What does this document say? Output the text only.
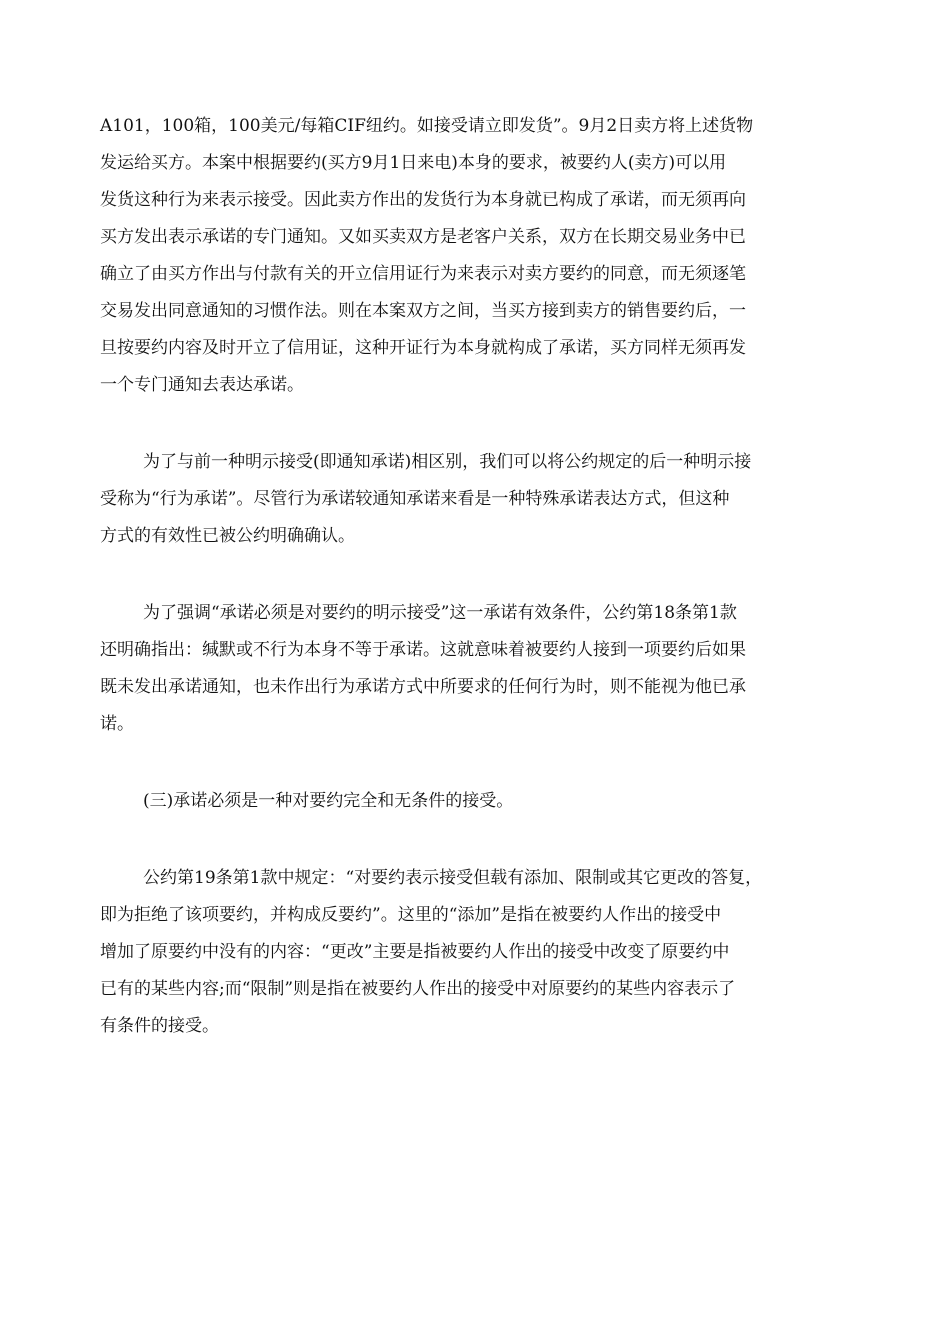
A101，100箱，100美元/每箱CIF纽约。如接受请立即发货”。9月2日卖方将上述货物
发运给买方。本案中根据要约(买方9月1日来电)本身的要求，被要约人(卖方)可以用
发货这种行为来表示接受。因此卖方作出的发货行为本身就已构成了承诺，而无须再向
买方发出表示承诺的专门通知。又如买卖双方是老客户关系，双方在长期交易业务中已
确立了由买方作出与付款有关的开立信用证行为来表示对卖方要约的同意，而无须逐笔
交易发出同意通知的习惯作法。则在本案双方之间，当买方接到卖方的销售要约后，一
旦按要约内容及时开立了信用证，这种开证行为本身就构成了承诺，买方同样无须再发
一个专门通知去表达承诺。
为了与前一种明示接受(即通知承诺)相区别，我们可以将公约规定的后一种明示接
受称为“行为承诺”。尽管行为承诺较通知承诺来看是一种特殊承诺表达方式，但这种
方式的有效性已被公约明确确认。
为了强调“承诺必须是对要约的明示接受”这一承诺有效条件，公约第18条第1款
还明确指出：缄默或不行为本身不等于承诺。这就意味着被要约人接到一项要约后如果
既未发出承诺通知，也未作出行为承诺方式中所要求的任何行为时，则不能视为他已承
诺。
(三)承诺必须是一种对要约完全和无条件的接受。
公约第19条第1款中规定：“对要约表示接受但载有添加、限制或其它更改的答复，
即为拒绝了该项要约，并构成反要约”。这里的“添加”是指在被要约人作出的接受中
增加了原要约中没有的内容：“更改”主要是指被要约人作出的接受中改变了原要约中
已有的某些内容;而“限制”则是指在被要约人作出的接受中对原要约的某些内容表示了
有条件的接受。
